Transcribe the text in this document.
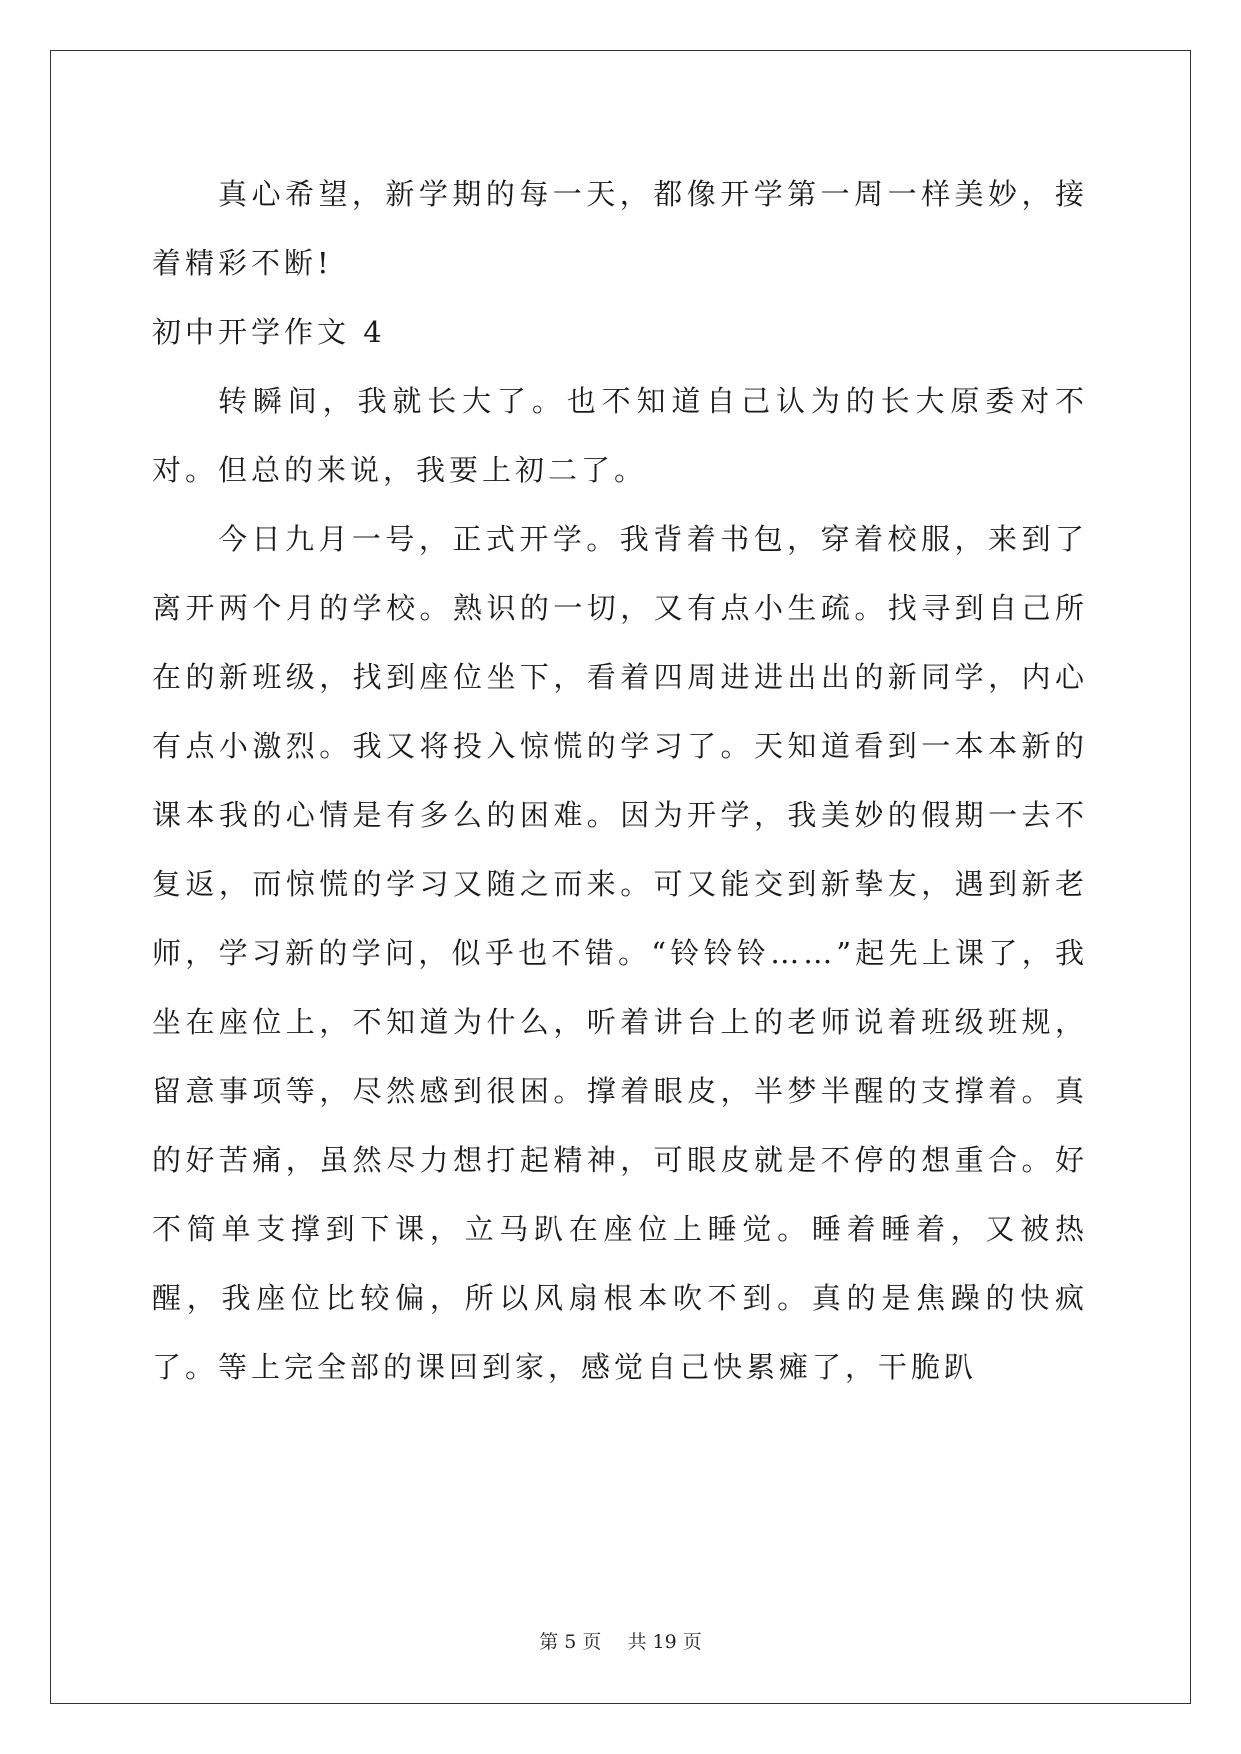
真心希望，新学期的每一天，都像开学第一周一样美妙，接着精彩不断!

初中开学作文 4

转瞬间，我就长大了。也不知道自己认为的长大原委对不对。但总的来说，我要上初二了。

今日九月一号，正式开学。我背着书包，穿着校服，来到了离开两个月的学校。熟识的一切，又有点小生疏。找寻到自己所在的新班级，找到座位坐下，看着四周进进出出的新同学，内心有点小激烈。我又将投入惊慌的学习了。天知道看到一本本新的课本我的心情是有多么的困难。因为开学，我美妙的假期一去不复返，而惊慌的学习又随之而来。可又能交到新挚友，遇到新老师，学习新的学问，似乎也不错。“铃铃铃……”起先上课了，我坐在座位上，不知道为什么，听着讲台上的老师说着班级班规，留意事项等，尽然感到很困。撑着眼皮，半梦半醒的支撑着。真的好苦痛，虽然尽力想打起精神，可眼皮就是不停的想重合。好不简单支撑到下课，立马趴在座位上睡觉。睡着睡着，又被热醒，我座位比较偏，所以风扇根本吹不到。真的是焦躁的快疯了。等上完全部的课回到家，感觉自己快累瘫了，干脆趴

第 5 页 共 19 页
